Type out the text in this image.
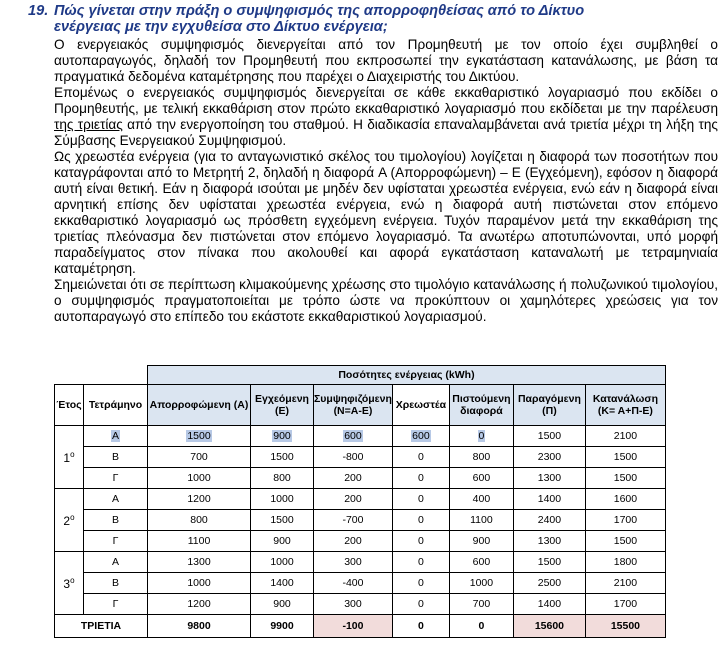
19. Πώς γίνεται στην πράξη ο συμψηφισμός της απορροφηθείσας από το Δίκτυο
ενέργειας με την εγχυθείσα στο Δίκτυο ενέργεια;

Ο ενεργειακός συμψηφισμός διενεργείται από τον Προμηθευτή με τον οποίο έχει συμβληθεί ο αυτοπαραγωγός, δηλαδή τον Προμηθευτή που εκπροσωπεί την εγκατάσταση κατανάλωσης, με βάση τα πραγματικά δεδομένα καταμέτρησης που παρέχει ο Διαχειριστής του Δικτύου.

Επομένως ο ενεργειακός συμψηφισμός διενεργείται σε κάθε εκκαθαριστικό λογαριασμό που εκδίδει ο Προμηθευτής, με τελική εκκαθάριση στον πρώτο εκκαθαριστικό λογαριασμό που εκδίδεται με την παρέλευση της τριετίας από την ενεργοποίηση του σταθμού. Η διαδικασία επαναλαμβάνεται ανά τριετία μέχρι τη λήξη της Σύμβασης Ενεργειακού Συμψηφισμού.

Ως χρεωστέα ενέργεια (για το ανταγωνιστικό σκέλος του τιμολογίου) λογίζεται η διαφορά των ποσοτήτων που καταγράφονται από το Μετρητή 2, δηλαδή η διαφορά A (Απορροφώμενη) – E (Εγχεόμενη), εφόσον η διαφορά αυτή είναι θετική. Εάν η διαφορά ισούται με μηδέν δεν υφίσταται χρεωστέα ενέργεια, ενώ εάν η διαφορά είναι αρνητική επίσης δεν υφίσταται χρεωστέα ενέργεια, ενώ η διαφορά αυτή πιστώνεται στον επόμενο εκκαθαριστικό λογαριασμό ως πρόσθετη εγχεόμενη ενέργεια. Τυχόν παραμένον μετά την εκκαθάριση της τριετίας πλεόνασμα δεν πιστώνεται στον επόμενο λογαριασμό. Τα ανωτέρω αποτυπώνονται, υπό μορφή παραδείγματος στον πίνακα που ακολουθεί και αφορά εγκατάσταση καταναλωτή με τετραμηνιαία καταμέτρηση.

Σημειώνεται ότι σε περίπτωση κλιμακούμενης χρέωσης στο τιμολόγιο κατανάλωσης ή πολυζωνικού τιμολογίου, ο συμψηφισμός πραγματοποιείται με τρόπο ώστε να προκύπτουν οι χαμηλότερες χρεώσεις για τον αυτοπαραγωγό στο επίπεδο του εκάστοτε εκκαθαριστικού λογαριασμού.

		Ποσότητες ενέργειας (kWh)						
Έτος	Τετράμηνο	Απορροφώμενη (A)	Εγχεόμενη (E)	Συμψηφιζόμενη (N=A-E)	Χρεωστέα	Πιστούμενη διαφορά	Παραγόμενη (Π)	Κατανάλωση (K= A+Π-E)
$1^o$	A	1500	900	600	600	0	1500	2100
	B	700	1500	-800	0	800	2300	1500
	Γ	1000	800	200	0	600	1300	1500
$2^o$	A	1200	1000	200	0	400	1400	1600
	B	800	1500	-700	0	1100	2400	1700
	Γ	1100	900	200	0	900	1300	1500
$3^o$	A	1300	1000	300	0	600	1500	1800
	B	1000	1400	-400	0	1000	2500	2100
	Γ	1200	900	300	0	700	1400	1700
ΤΡΙΕΤΙΑ		9800	9900	-100	0	0	15600	15500
